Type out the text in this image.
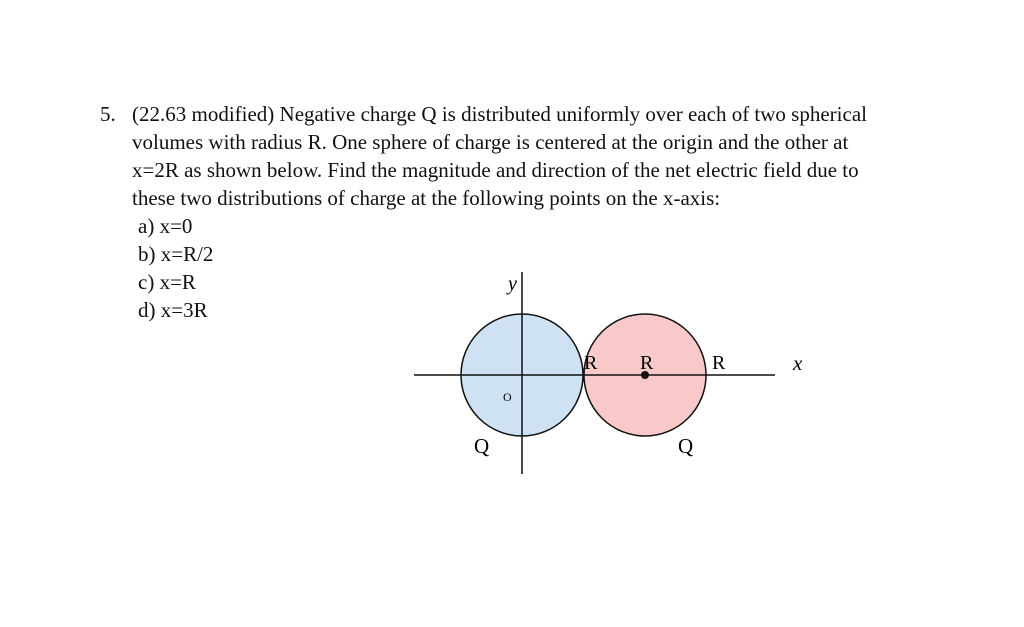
5. (22.63 modified) Negative charge Q is distributed uniformly over each of two spherical volumes with radius R. One sphere of charge is centered at the origin and the other at x=2R as shown below. Find the magnitude and direction of the net electric field due to these two distributions of charge at the following points on the x-axis:
a) x=0
b) x=R/2
c) x=R
d) x=3R
y
x
O
R R	R
Q	Q
